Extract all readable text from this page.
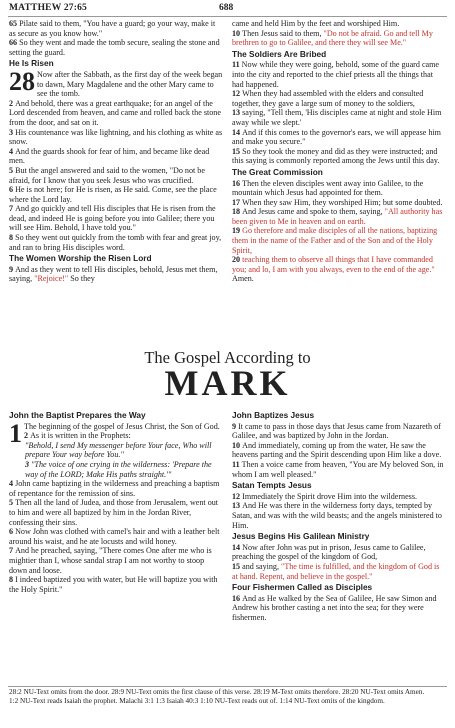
MATTHEW 27:65	688

65 Pilate said to them, "You have a guard; go your way, make it as secure as you know how."

66 So they went and made the tomb secure, sealing the stone and setting the guard.

He Is Risen

28 Now after the Sabbath, as the first day of the week began to dawn, Mary Magdalene and the other Mary came to see the tomb.

2 And behold, there was a great earthquake; for an angel of the Lord descended from heaven, and came and rolled back the stone from the door, and sat on it.

3 His countenance was like lightning, and his clothing as white as snow.

4 And the guards shook for fear of him, and became like dead men.

5 But the angel answered and said to the women, "Do not be afraid, for I know that you seek Jesus who was crucified.

6 He is not here; for He is risen, as He said. Come, see the place where the Lord lay.

7 And go quickly and tell His disciples that He is risen from the dead, and indeed He is going before you into Galilee; there you will see Him. Behold, I have told you."

8 So they went out quickly from the tomb with fear and great joy, and ran to bring His disciples word.

The Women Worship the Risen Lord

9 And as they went to tell His disciples, behold, Jesus met them, saying, "Rejoice!" So they

came and held Him by the feet and worshiped Him.

10 Then Jesus said to them, "Do not be afraid. Go and tell My brethren to go to Galilee, and there they will see Me."

The Soldiers Are Bribed

11 Now while they were going, behold, some of the guard came into the city and reported to the chief priests all the things that had happened.

12 When they had assembled with the elders and consulted together, they gave a large sum of money to the soldiers,

13 saying, "Tell them, 'His disciples came at night and stole Him away while we slept.'

14 And if this comes to the governor's ears, we will appease him and make you secure."

15 So they took the money and did as they were instructed; and this saying is commonly reported among the Jews until this day.

The Great Commission

16 Then the eleven disciples went away into Galilee, to the mountain which Jesus had appointed for them.

17 When they saw Him, they worshiped Him; but some doubted.

18 And Jesus came and spoke to them, saying, "All authority has been given to Me in heaven and on earth.

19 Go therefore and make disciples of all the nations, baptizing them in the name of the Father and of the Son and of the Holy Spirit,

20 teaching them to observe all things that I have commanded you; and lo, I am with you always, even to the end of the age." Amen.

The Gospel According to
MARK

John the Baptist Prepares the Way

1 The beginning of the gospel of Jesus Christ, the Son of God.

2 As it is written in the Prophets:

"Behold, I send My messenger before Your face, Who will prepare Your way before You."

3 "The voice of one crying in the wilderness: 'Prepare the way of the LORD; Make His paths straight.'"

4 John came baptizing in the wilderness and preaching a baptism of repentance for the remission of sins.

5 Then all the land of Judea, and those from Jerusalem, went out to him and were all baptized by him in the Jordan River, confessing their sins.

6 Now John was clothed with camel's hair and with a leather belt around his waist, and he ate locusts and wild honey.

7 And he preached, saying, "There comes One after me who is mightier than I, whose sandal strap I am not worthy to stoop down and loose.

8 I indeed baptized you with water, but He will baptize you with the Holy Spirit."

John Baptizes Jesus

9 It came to pass in those days that Jesus came from Nazareth of Galilee, and was baptized by John in the Jordan.

10 And immediately, coming up from the water, He saw the heavens parting and the Spirit descending upon Him like a dove.

11 Then a voice came from heaven, "You are My beloved Son, in whom I am well pleased."

Satan Tempts Jesus

12 Immediately the Spirit drove Him into the wilderness.

13 And He was there in the wilderness forty days, tempted by Satan, and was with the wild beasts; and the angels ministered to Him.

Jesus Begins His Galilean Ministry

14 Now after John was put in prison, Jesus came to Galilee, preaching the gospel of the kingdom of God,

15 and saying, "The time is fulfilled, and the kingdom of God is at hand. Repent, and believe in the gospel."

Four Fishermen Called as Disciples

16 And as He walked by the Sea of Galilee, He saw Simon and Andrew his brother casting a net into the sea; for they were fishermen.

28:2 NU-Text omits from the door. 28:9 NU-Text omits the first clause of this verse. 28:19 M-Text omits therefore. 28:20 NU-Text omits Amen. 1:2 NU-Text reads Isaiah the prophet. Malachi 3:1 1:3 Isaiah 40:3 1:10 NU-Text reads out of. 1:14 NU-Text omits of the kingdom.
